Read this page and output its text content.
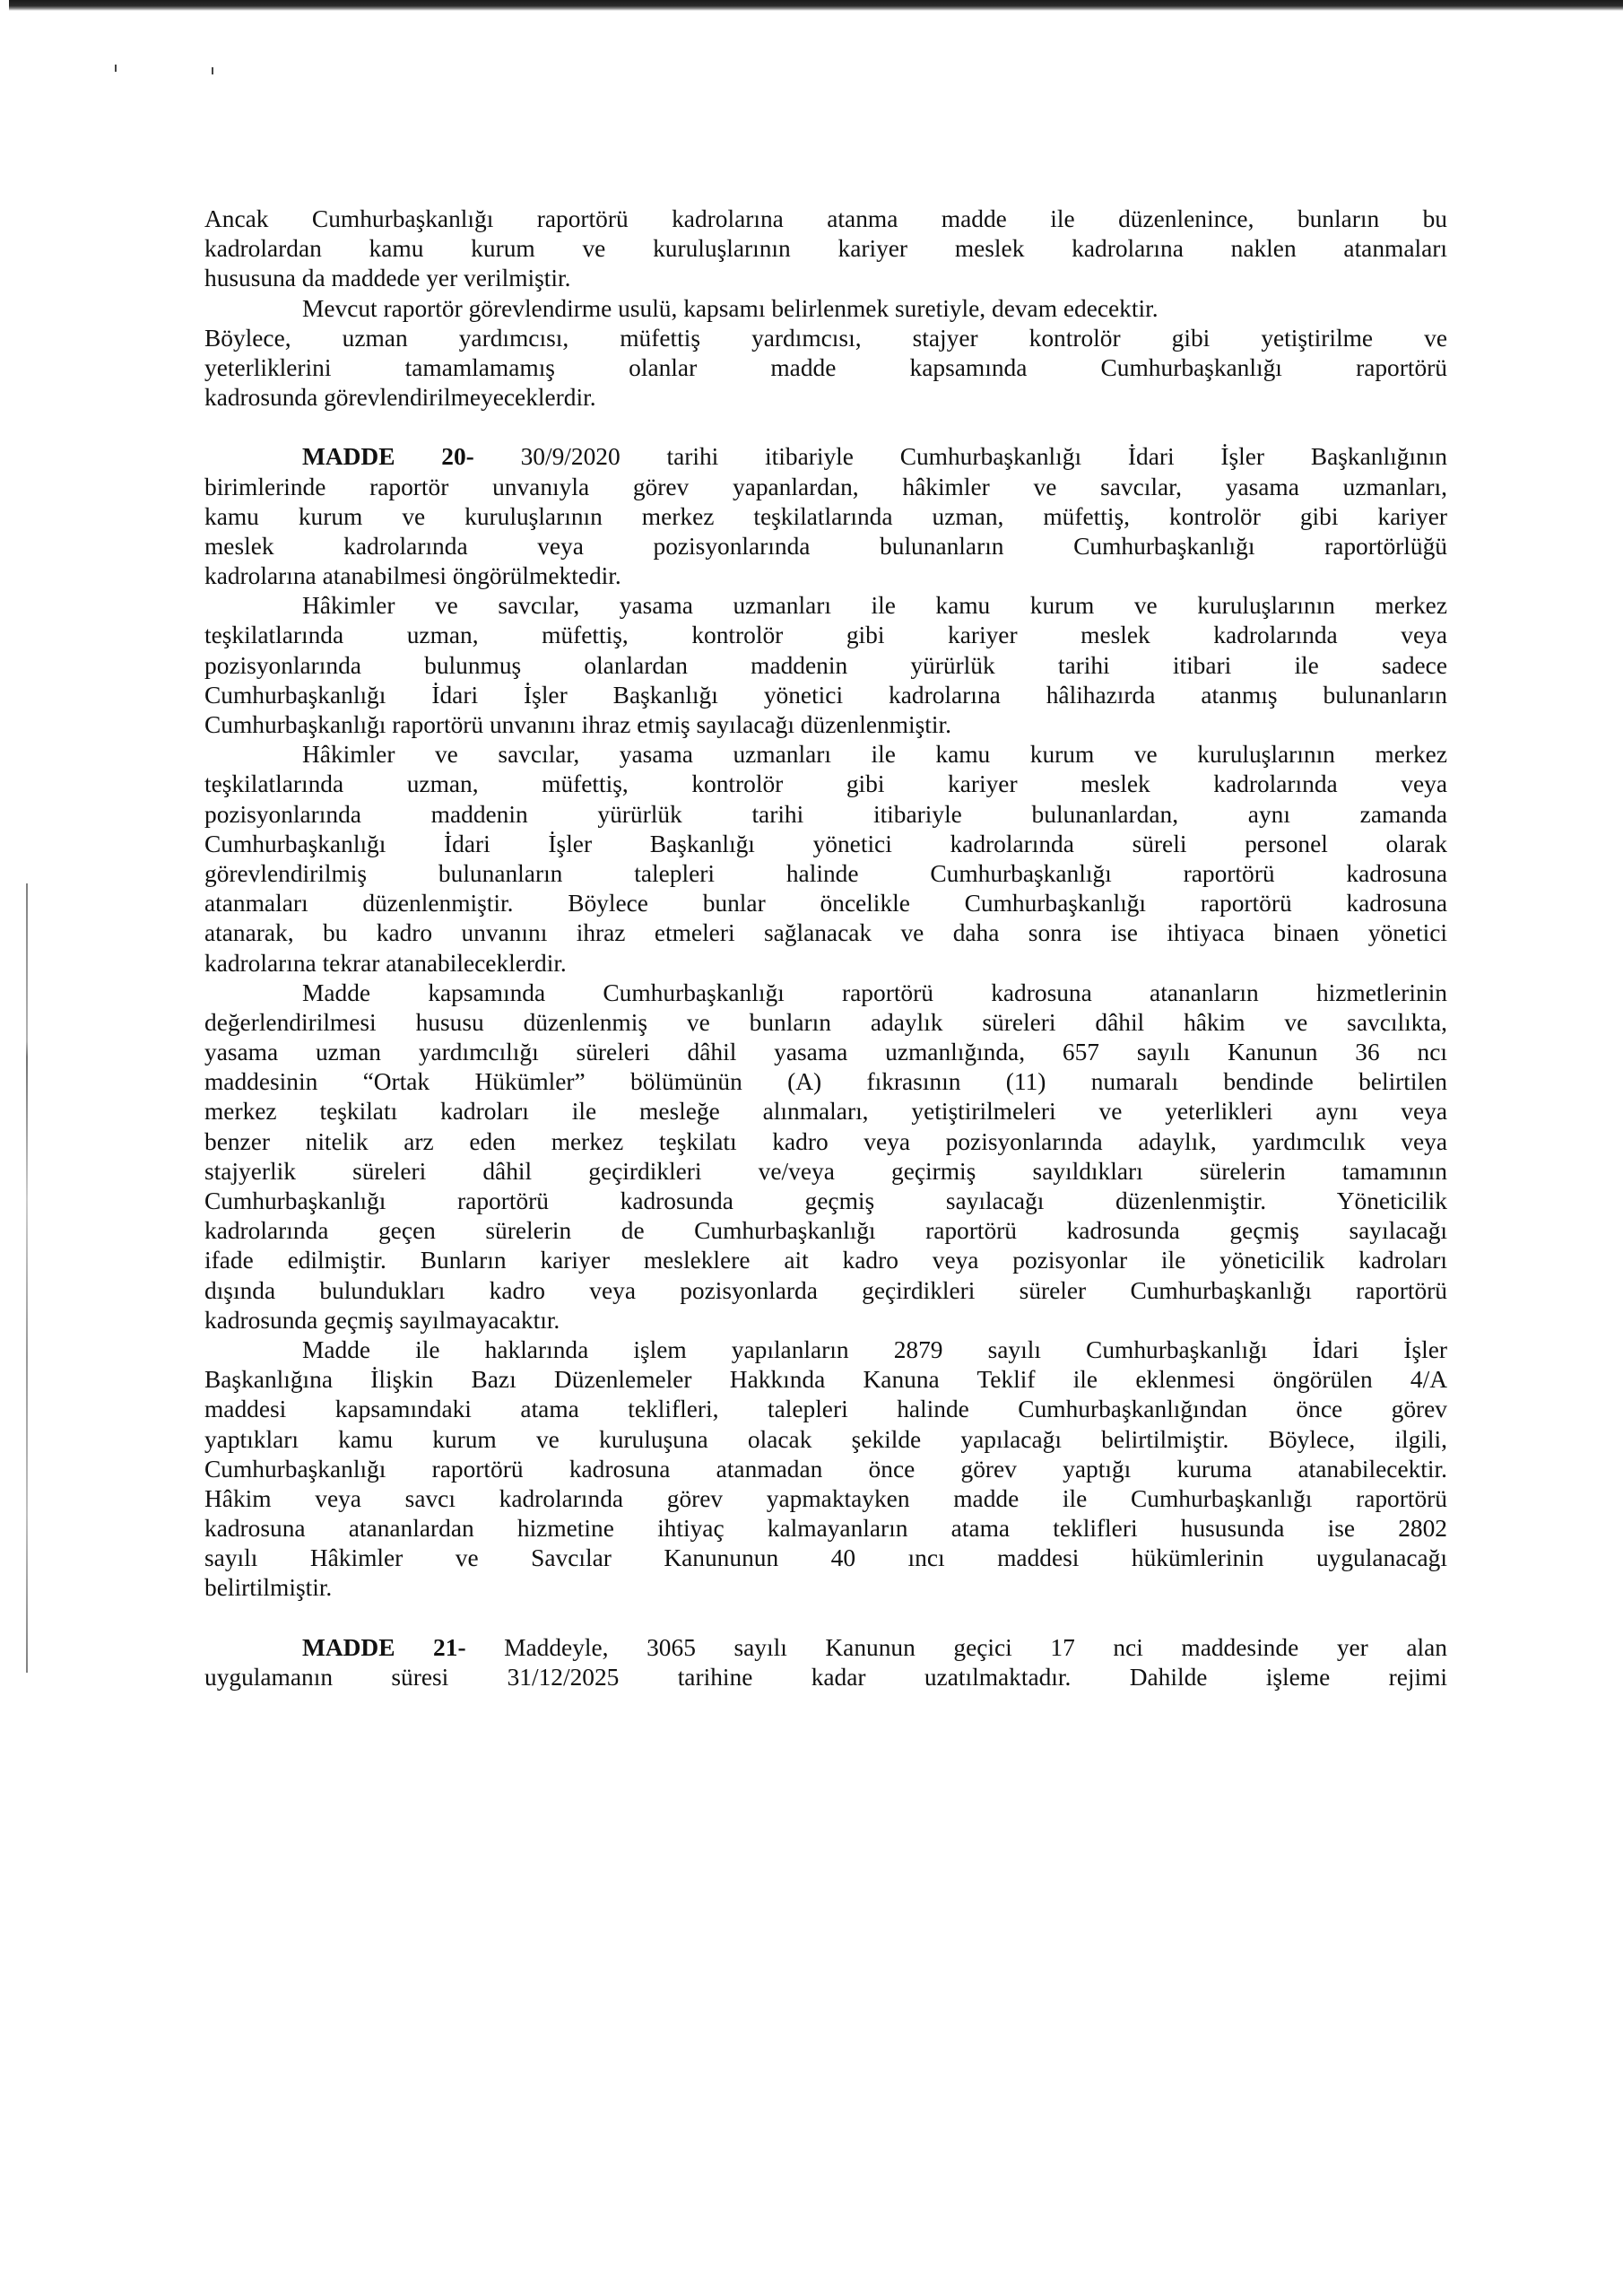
Ancak Cumhurbaşkanlığı raportörü kadrolarına atanma madde ile düzenlenince, bunların bu
kadrolardan kamu kurum ve kuruluşlarının kariyer meslek kadrolarına naklen atanmaları
hususuna da maddede yer verilmiştir.
Mevcut raportör görevlendirme usulü, kapsamı belirlenmek suretiyle, devam edecektir.
Böylece, uzman yardımcısı, müfettiş yardımcısı, stajyer kontrolör gibi yetiştirilme ve
yeterliklerini tamamlamamış olanlar madde kapsamında Cumhurbaşkanlığı raportörü
kadrosunda görevlendirilmeyeceklerdir.
MADDE 20- 30/9/2020 tarihi itibariyle Cumhurbaşkanlığı İdari İşler Başkanlığının
birimlerinde raportör unvanıyla görev yapanlardan, hâkimler ve savcılar, yasama uzmanları,
kamu kurum ve kuruluşlarının merkez teşkilatlarında uzman, müfettiş, kontrolör gibi kariyer
meslek kadrolarında veya pozisyonlarında bulunanların Cumhurbaşkanlığı raportörlüğü
kadrolarına atanabilmesi öngörülmektedir.
Hâkimler ve savcılar, yasama uzmanları ile kamu kurum ve kuruluşlarının merkez
teşkilatlarında uzman, müfettiş, kontrolör gibi kariyer meslek kadrolarında veya
pozisyonlarında bulunmuş olanlardan maddenin yürürlük tarihi itibari ile sadece
Cumhurbaşkanlığı İdari İşler Başkanlığı yönetici kadrolarına hâlihazırda atanmış bulunanların
Cumhurbaşkanlığı raportörü unvanını ihraz etmiş sayılacağı düzenlenmiştir.
Hâkimler ve savcılar, yasama uzmanları ile kamu kurum ve kuruluşlarının merkez
teşkilatlarında uzman, müfettiş, kontrolör gibi kariyer meslek kadrolarında veya
pozisyonlarında maddenin yürürlük tarihi itibariyle bulunanlardan, aynı zamanda
Cumhurbaşkanlığı İdari İşler Başkanlığı yönetici kadrolarında süreli personel olarak
görevlendirilmiş bulunanların talepleri halinde Cumhurbaşkanlığı raportörü kadrosuna
atanmaları düzenlenmiştir. Böylece bunlar öncelikle Cumhurbaşkanlığı raportörü kadrosuna
atanarak, bu kadro unvanını ihraz etmeleri sağlanacak ve daha sonra ise ihtiyaca binaen yönetici
kadrolarına tekrar atanabileceklerdir.
Madde kapsamında Cumhurbaşkanlığı raportörü kadrosuna atananların hizmetlerinin
değerlendirilmesi hususu düzenlenmiş ve bunların adaylık süreleri dâhil hâkim ve savcılıkta,
yasama uzman yardımcılığı süreleri dâhil yasama uzmanlığında, 657 sayılı Kanunun 36 ncı
maddesinin “Ortak Hükümler” bölümünün (A) fıkrasının (11) numaralı bendinde belirtilen
merkez teşkilatı kadroları ile mesleğe alınmaları, yetiştirilmeleri ve yeterlikleri aynı veya
benzer nitelik arz eden merkez teşkilatı kadro veya pozisyonlarında adaylık, yardımcılık veya
stajyerlik süreleri dâhil geçirdikleri ve/veya geçirmiş sayıldıkları sürelerin tamamının
Cumhurbaşkanlığı raportörü kadrosunda geçmiş sayılacağı düzenlenmiştir. Yöneticilik
kadrolarında geçen sürelerin de Cumhurbaşkanlığı raportörü kadrosunda geçmiş sayılacağı
ifade edilmiştir. Bunların kariyer mesleklere ait kadro veya pozisyonlar ile yöneticilik kadroları
dışında bulundukları kadro veya pozisyonlarda geçirdikleri süreler Cumhurbaşkanlığı raportörü
kadrosunda geçmiş sayılmayacaktır.
Madde ile haklarında işlem yapılanların 2879 sayılı Cumhurbaşkanlığı İdari İşler
Başkanlığına İlişkin Bazı Düzenlemeler Hakkında Kanuna Teklif ile eklenmesi öngörülen 4/A
maddesi kapsamındaki atama teklifleri, talepleri halinde Cumhurbaşkanlığından önce görev
yaptıkları kamu kurum ve kuruluşuna olacak şekilde yapılacağı belirtilmiştir. Böylece, ilgili,
Cumhurbaşkanlığı raportörü kadrosuna atanmadan önce görev yaptığı kuruma atanabilecektir.
Hâkim veya savcı kadrolarında görev yapmaktayken madde ile Cumhurbaşkanlığı raportörü
kadrosuna atananlardan hizmetine ihtiyaç kalmayanların atama teklifleri hususunda ise 2802
sayılı Hâkimler ve Savcılar Kanununun 40 ıncı maddesi hükümlerinin uygulanacağı
belirtilmiştir.
MADDE 21- Maddeyle, 3065 sayılı Kanunun geçici 17 nci maddesinde yer alan
uygulamanın süresi 31/12/2025 tarihine kadar uzatılmaktadır. Dahilde işleme rejimi
